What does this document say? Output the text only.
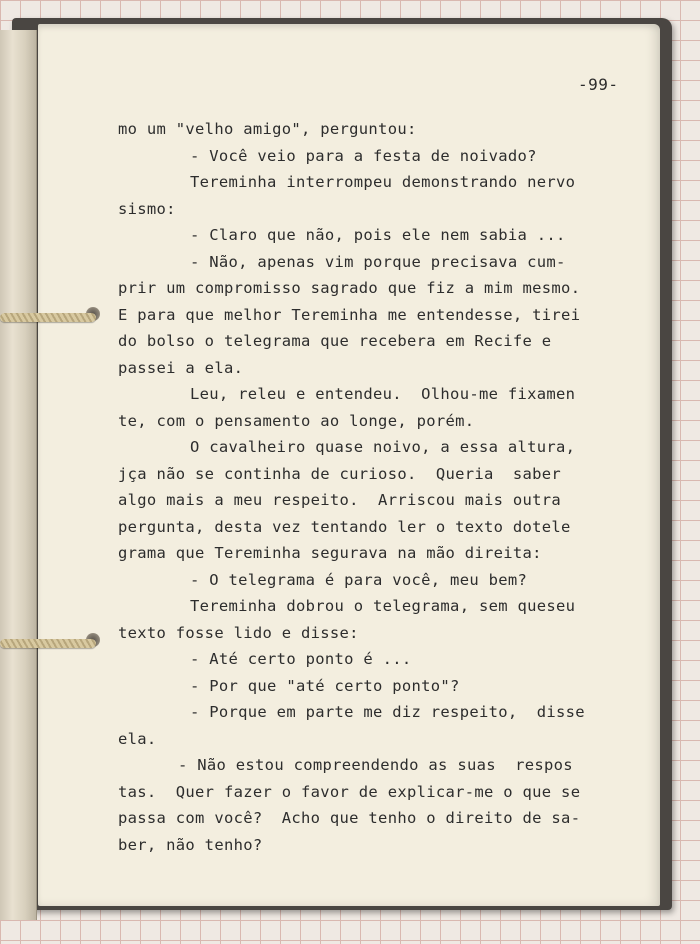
-99-
mo um "velho amigo", perguntou:
- Você veio para a festa de noivado?
Tereminha interrompeu demonstrando nervo
sismo:
- Claro que não, pois ele nem sabia ...
- Não, apenas vim porque precisava cum-
prir um compromisso sagrado que fiz a mim mesmo.
E para que melhor Tereminha me entendesse, tirei
do bolso o telegrama que recebera em Recife e
passei a ela.
Leu, releu e entendeu.  Olhou-me fixamen
te, com o pensamento ao longe, porém.
O cavalheiro quase noivo, a essa altura,
jça não se continha de curioso.  Queria  saber
algo mais a meu respeito.  Arriscou mais outra
pergunta, desta vez tentando ler o texto dotele
grama que Tereminha segurava na mão direita:
- O telegrama é para você, meu bem?
Tereminha dobrou o telegrama, sem queseu
texto fosse lido e disse:
- Até certo ponto é ...
- Por que "até certo ponto"?
- Porque em parte me diz respeito,  disse
ela.
- Não estou compreendendo as suas  respos
tas.  Quer fazer o favor de explicar-me o que se
passa com você?  Acho que tenho o direito de sa-
ber, não tenho?
